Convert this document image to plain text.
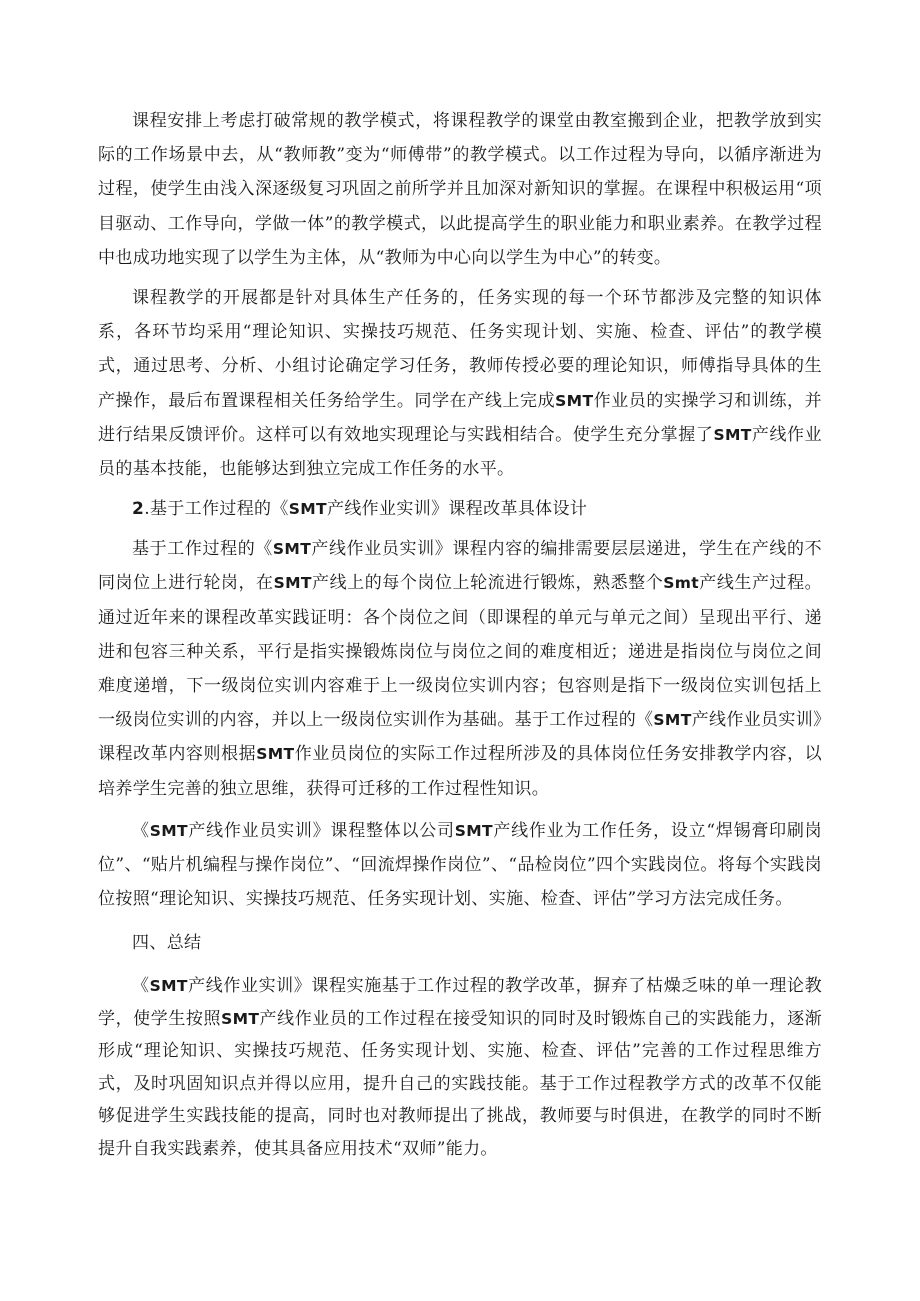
课程安排上考虑打破常规的教学模式，将课程教学的课堂由教室搬到企业，把教学放到实际的工作场景中去，从“教师教”变为“师傅带”的教学模式。以工作过程为导向，以循序渐进为过程，使学生由浅入深逐级复习巩固之前所学并且加深对新知识的掌握。在课程中积极运用“项目驱动、工作导向，学做一体”的教学模式，以此提高学生的职业能力和职业素养。在教学过程中也成功地实现了以学生为主体，从“教师为中心向以学生为中心”的转变。

课程教学的开展都是针对具体生产任务的，任务实现的每一个环节都涉及完整的知识体系，各环节均采用“理论知识、实操技巧规范、任务实现计划、实施、检查、评估”的教学模式，通过思考、分析、小组讨论确定学习任务，教师传授必要的理论知识，师傅指导具体的生产操作，最后布置课程相关任务给学生。同学在产线上完成SMT作业员的实操学习和训练，并进行结果反馈评价。这样可以有效地实现理论与实践相结合。使学生充分掌握了SMT产线作业员的基本技能，也能够达到独立完成工作任务的水平。

2.基于工作过程的《SMT产线作业实训》课程改革具体设计

基于工作过程的《SMT产线作业员实训》课程内容的编排需要层层递进，学生在产线的不同岗位上进行轮岗，在SMT产线上的每个岗位上轮流进行锻炼，熟悉整个Smt产线生产过程。通过近年来的课程改革实践证明：各个岗位之间（即课程的单元与单元之间）呈现出平行、递进和包容三种关系，平行是指实操锻炼岗位与岗位之间的难度相近；递进是指岗位与岗位之间难度递增，下一级岗位实训内容难于上一级岗位实训内容；包容则是指下一级岗位实训包括上一级岗位实训的内容，并以上一级岗位实训作为基础。基于工作过程的《SMT产线作业员实训》课程改革内容则根据SMT作业员岗位的实际工作过程所涉及的具体岗位任务安排教学内容，以培养学生完善的独立思维，获得可迁移的工作过程性知识。

《SMT产线作业员实训》课程整体以公司SMT产线作业为工作任务，设立“焊锡膏印刷岗位”、“贴片机编程与操作岗位”、“回流焊操作岗位”、“品检岗位”四个实践岗位。将每个实践岗位按照“理论知识、实操技巧规范、任务实现计划、实施、检查、评估”学习方法完成任务。

四、总结

《SMT产线作业实训》课程实施基于工作过程的教学改革，摒弃了枯燥乏味的单一理论教学，使学生按照SMT产线作业员的工作过程在接受知识的同时及时锻炼自己的实践能力，逐渐形成“理论知识、实操技巧规范、任务实现计划、实施、检查、评估”完善的工作过程思维方式，及时巩固知识点并得以应用，提升自己的实践技能。基于工作过程教学方式的改革不仅能够促进学生实践技能的提高，同时也对教师提出了挑战，教师要与时俱进，在教学的同时不断提升自我实践素养，使其具备应用技术“双师”能力。
